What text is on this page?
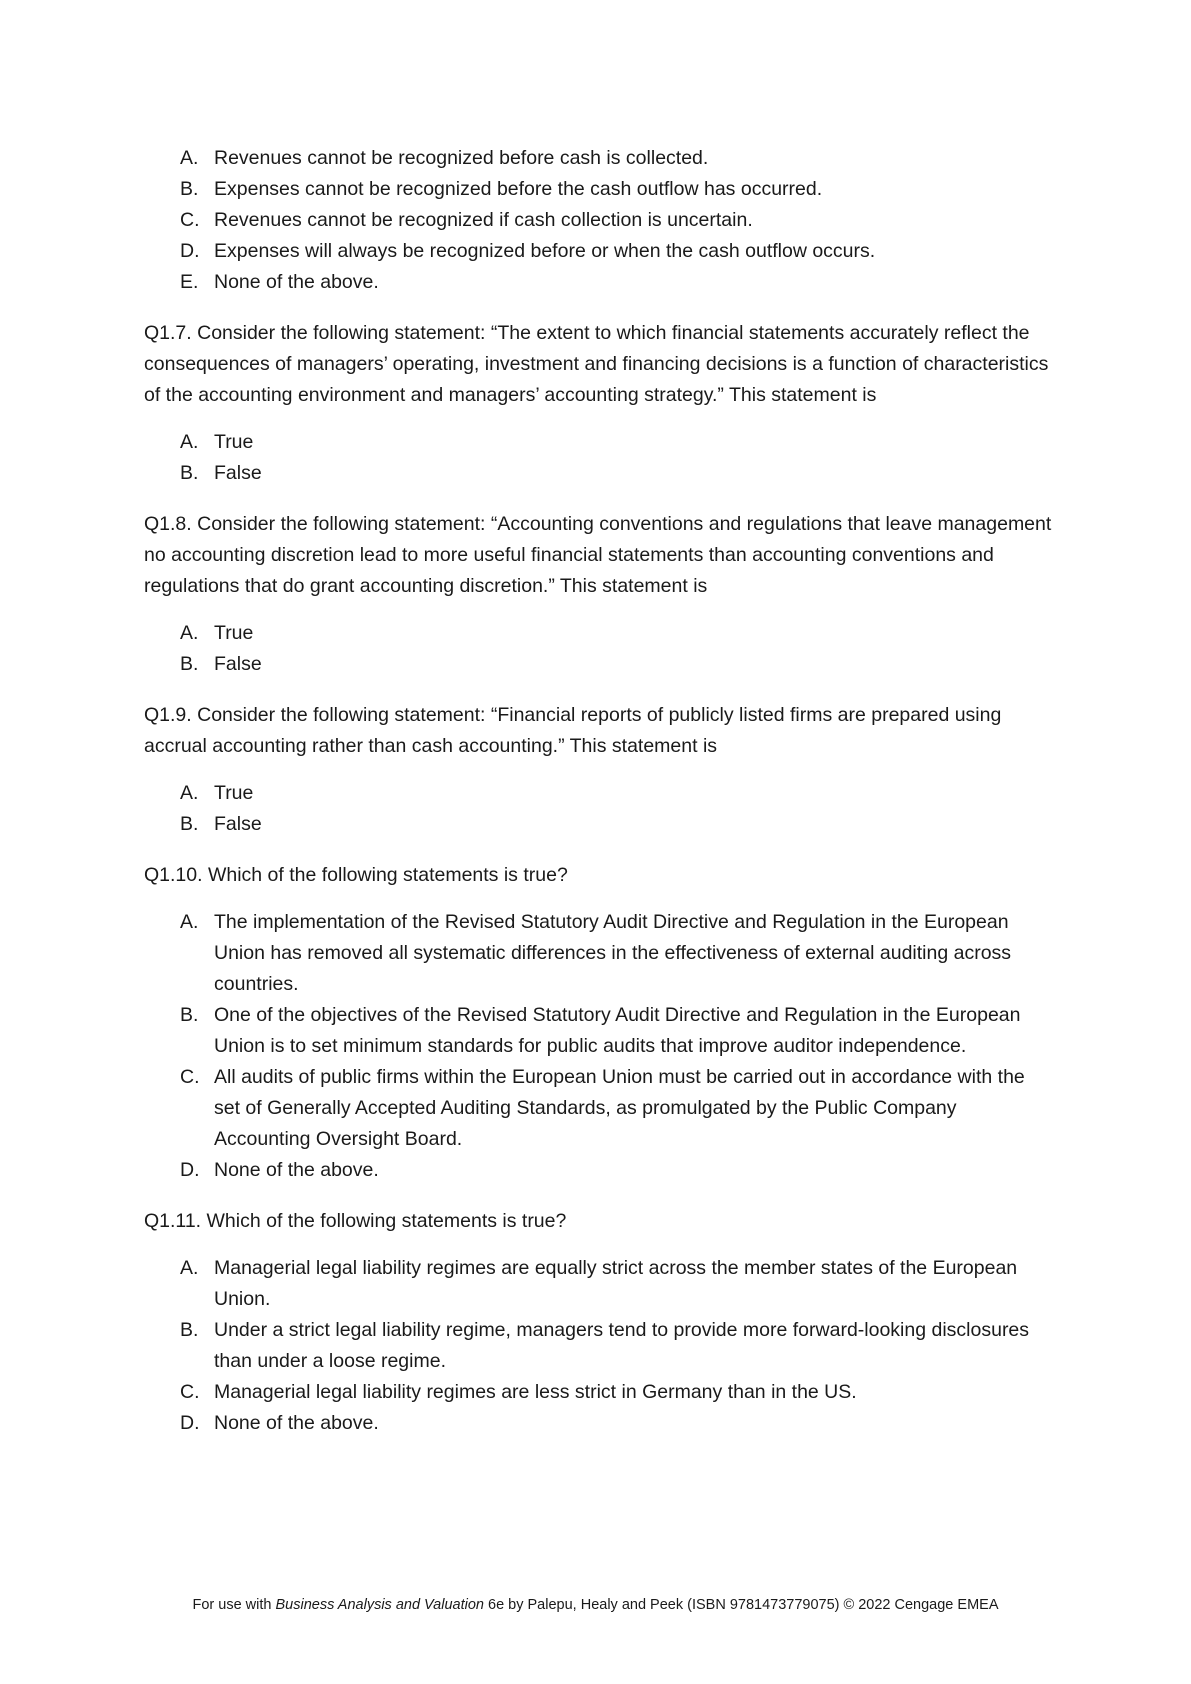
A. Revenues cannot be recognized before cash is collected.
B. Expenses cannot be recognized before the cash outflow has occurred.
C. Revenues cannot be recognized if cash collection is uncertain.
D. Expenses will always be recognized before or when the cash outflow occurs.
E. None of the above.

Q1.7. Consider the following statement: “The extent to which financial statements accurately reflect the consequences of managers’ operating, investment and financing decisions is a function of characteristics of the accounting environment and managers’ accounting strategy.” This statement is

A. True
B. False

Q1.8. Consider the following statement: “Accounting conventions and regulations that leave management no accounting discretion lead to more useful financial statements than accounting conventions and regulations that do grant accounting discretion.” This statement is

A. True
B. False

Q1.9. Consider the following statement: “Financial reports of publicly listed firms are prepared using accrual accounting rather than cash accounting.” This statement is

A. True
B. False

Q1.10. Which of the following statements is true?

A. The implementation of the Revised Statutory Audit Directive and Regulation in the European Union has removed all systematic differences in the effectiveness of external auditing across countries.
B. One of the objectives of the Revised Statutory Audit Directive and Regulation in the European Union is to set minimum standards for public audits that improve auditor independence.
C. All audits of public firms within the European Union must be carried out in accordance with the set of Generally Accepted Auditing Standards, as promulgated by the Public Company Accounting Oversight Board.
D. None of the above.

Q1.11. Which of the following statements is true?

A. Managerial legal liability regimes are equally strict across the member states of the European Union.
B. Under a strict legal liability regime, managers tend to provide more forward-looking disclosures than under a loose regime.
C. Managerial legal liability regimes are less strict in Germany than in the US.
D. None of the above.
For use with Business Analysis and Valuation 6e by Palepu, Healy and Peek (ISBN 9781473779075) © 2022 Cengage EMEA
